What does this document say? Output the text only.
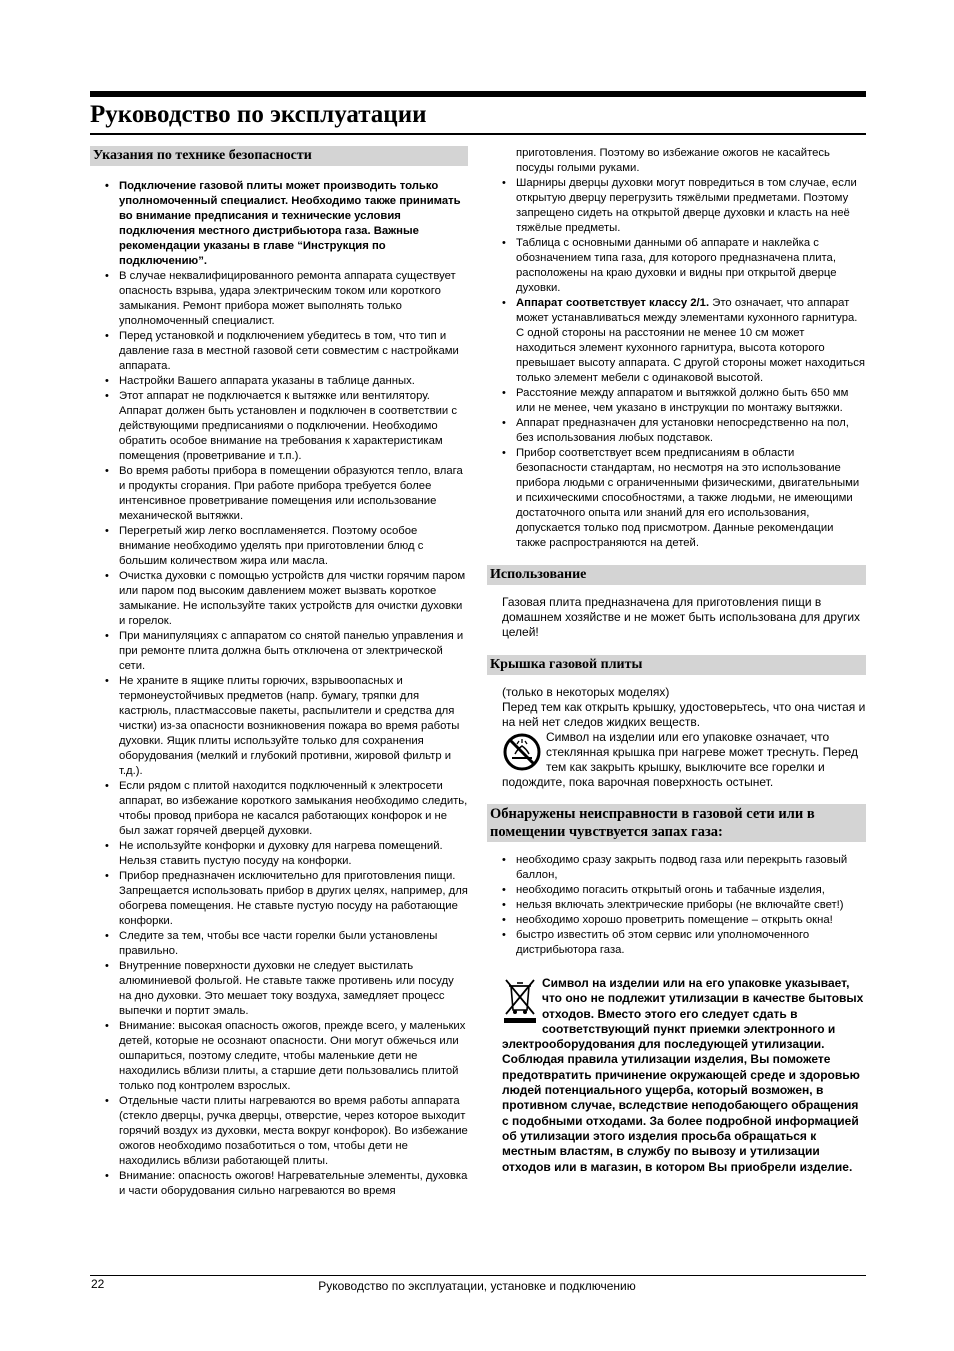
Руководство по эксплуатации
Указания по технике безопасности
• Подключение газовой плиты может производить только уполномоченный специалист. Необходимо также принимать во внимание предписания и технические условия подключения местного дистрибьютора газа. Важные рекомендации указаны в главе “Инструкция по подключению”.
• В случае неквалифицированного ремонта аппарата существует опасность взрыва, удара электрическим током или короткого замыкания. Ремонт прибора может выполнять только уполномоченный специалист.
• Перед установкой и подключением убедитесь в том, что тип и давление газа в местной газовой сети совместим с настройками аппарата.
• Настройки Вашего аппарата указаны в таблице данных.
• Этот аппарат не подключается к вытяжке или вентилятору. Аппарат должен быть установлен и подключен в соответствии с действующими предписаниями о подключении. Необходимо обратить особое внимание на требования к характеристикам помещения (проветривание и т.п.).
• Во время работы прибора в помещении образуются тепло, влага и продукты сгорания. При работе прибора требуется более интенсивное проветривание помещения или использование механической вытяжки.
• Перегретый жир легко воспламеняется. Поэтому особое внимание необходимо уделять при приготовлении блюд с большим количеством жира или масла.
• Очистка духовки с помощью устройств для чистки горячим паром или паром под высоким давлением может вызвать короткое замыкание. Не используйте таких устройств для очистки духовки и горелок.
• При манипуляциях с аппаратом со снятой панелью управления и при ремонте плита должна быть отключена от электрической сети.
• Не храните в ящике плиты горючих, взрывоопасных и термонеустойчивых предметов (напр. бумагу, тряпки для кастрюль, пластмассовые пакеты, распылители и средства для чистки) из-за опасности возникновения пожара во время работы духовки. Ящик плиты используйте только для сохранения оборудования (мелкий и глубокий противни, жировой фильтр и т.д.).
• Если рядом с плитой находится подключенный к электросети аппарат, во избежание короткого замыкания необходимо следить, чтобы провод прибора не касался работающих конфорок и не был зажат горячей дверцей духовки.
• Не используйте конфорки и духовку для нагрева помещений. Нельзя ставить пустую посуду на конфорки.
• Прибор предназначен исключительно для приготовления пищи. Запрещается использовать прибор в других целях, например, для обогрева помещения. Не ставьте пустую посуду на работающие конфорки.
• Следите за тем, чтобы все части горелки были установлены правильно.
• Внутренние поверхности духовки не следует выстилать алюминиевой фольгой. Не ставьте также противень или посуду на дно духовки. Это мешает току воздуха, замедляет процесс выпечки и портит эмаль.
• Внимание: высокая опасность ожогов, прежде всего, у маленьких детей, которые не осознают опасности. Они могут обжечься или ошпариться, поэтому следите, чтобы маленькие дети не находились вблизи плиты, а старшие дети пользовались плитой только под контролем взрослых.
• Отдельные части плиты нагреваются во время работы аппарата (стекло дверцы, ручка дверцы, отверстие, через которое выходит горячий воздух из духовки, места вокруг конфорок). Во избежание ожогов необходимо позаботиться о том, чтобы дети не находились вблизи работающей плиты.
• Внимание: опасность ожогов! Нагревательные элементы, духовка и части оборудования сильно нагреваются во время
приготовления. Поэтому во избежание ожогов не касайтесь посуды голыми руками.
• Шарниры дверцы духовки могут повредиться в том случае, если открытую дверцу перегрузить тяжёлыми предметами. Поэтому запрещено сидеть на открытой дверце духовки и класть на неё тяжёлые предметы.
• Таблица с основными данными об аппарате и наклейка с обозначением типа газа, для которого предназначена плита, расположены на краю духовки и видны при открытой дверце духовки.
• Аппарат соответствует классу 2/1. Это означает, что аппарат может устанавливаться между элементами кухонного гарнитура. С одной стороны на расстоянии не менее 10 см может находиться элемент кухонного гарнитура, высота которого превышает высоту аппарата. С другой стороны может находиться только элемент мебели с одинаковой высотой.
• Расстояние между аппаратом и вытяжкой должно быть 650 мм или не менее, чем указано в инструкции по монтажу вытяжки.
• Аппарат предназначен для установки непосредственно на пол, без использования любых подставок.
• Прибор соответствует всем предписаниям в области безопасности стандартам, но несмотря на это использование прибора людьми с ограниченными физическими, двигательными и психическими способностями, а также людьми, не имеющими достаточного опыта или знаний для его использования, допускается только под присмотром. Данные рекомендации также распространяются на детей.
Использование
Газовая плита предназначена для приготовления пищи в домашнем хозяйстве и не может быть использована для других целей!
Крышка газовой плиты
(только в некоторых моделях)
Перед тем как открыть крышку, удостоверьтесь, что она чистая и на ней нет следов жидких веществ.
Символ на изделии или его упаковке означает, что стеклянная крышка при нагреве может треснуть. Перед тем как закрыть крышку, выключите все горелки и подождите, пока варочная поверхность остынет.
Обнаружены неисправности в газовой сети или в помещении чувствуется запах газа:
• необходимо сразу закрыть подвод газа или перекрыть газовый баллон,
• необходимо погасить открытый огонь и табачные изделия,
• нельзя включать электрические приборы (не включайте свет!)
• необходимо хорошо проветрить помещение – открыть окна!
• быстро известить об этом сервис или уполномоченного дистрибьютора газа.
Символ на изделии или на его упаковке указывает, что оно не подлежит утилизации в качестве бытовых отходов. Вместо этого его следует сдать в соответствующий пункт приемки электронного и электрооборудования для последующей утилизации. Соблюдая правила утилизации изделия, Вы поможете предотвратить причинение окружающей среде и здоровью людей потенциального ущерба, который возможен, в противном случае, вследствие неподобающего обращения с подобными отходами. За более подробной информацией об утилизации этого изделия просьба обращаться к местным властям, в службу по вывозу и утилизации отходов или в магазин, в котором Вы приобрели изделие.
22	Руководство по эксплуатации, установке и подключению
